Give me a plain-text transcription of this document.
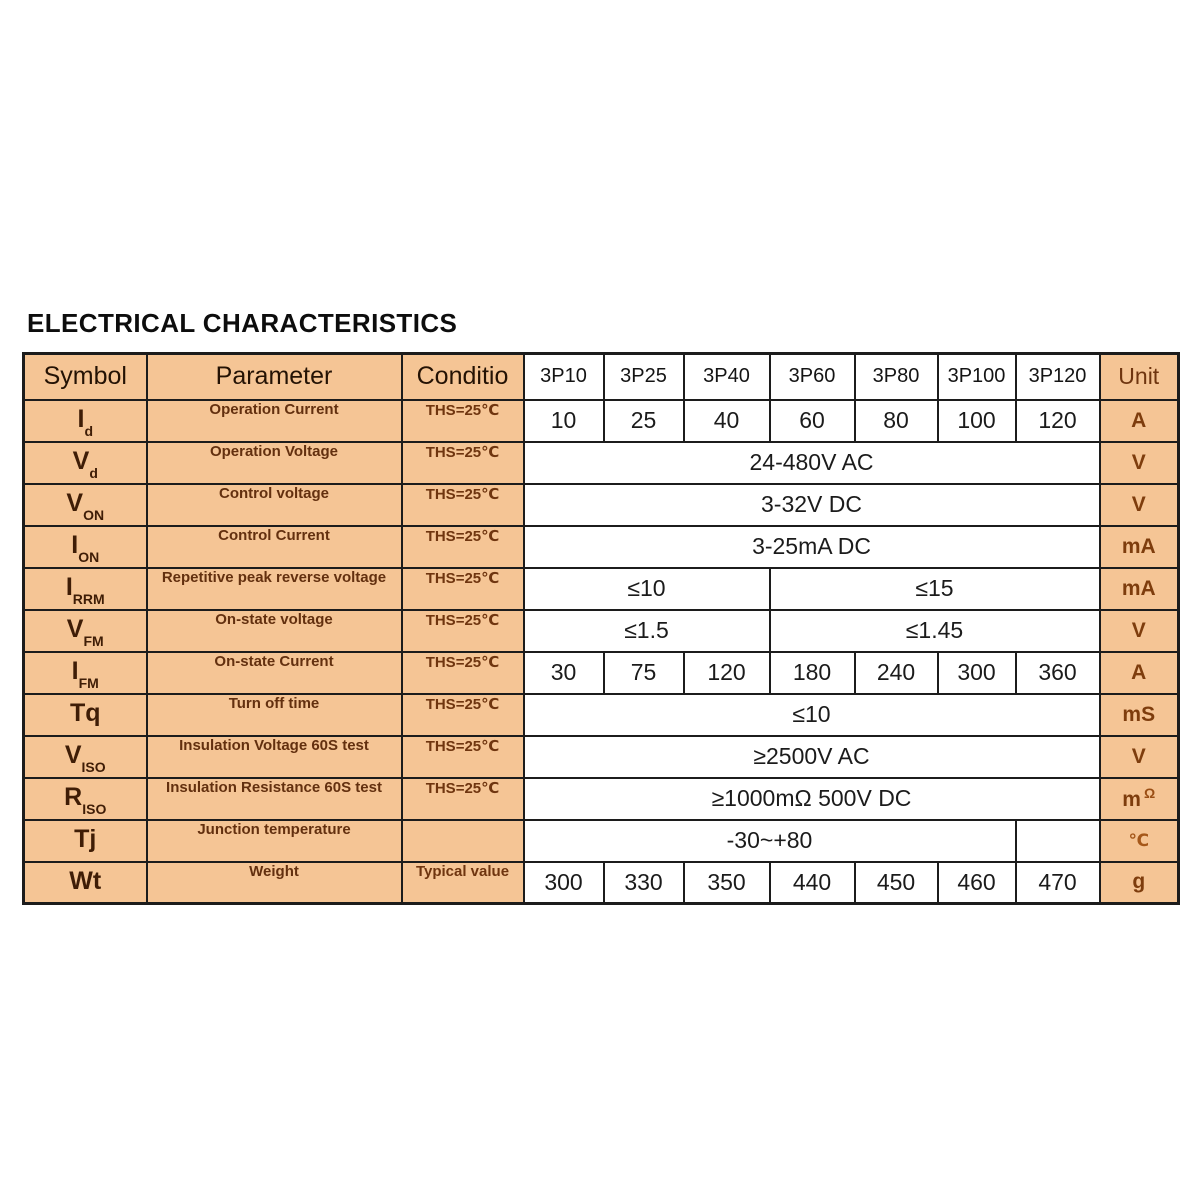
ELECTRICAL CHARACTERISTICS
Symbol	Parameter	Conditio	3P10	3P25	3P40	3P60	3P80	3P100	3P120	Unit
$I_d$	Operation Current	THS=25℃	10	25	40	60	80	100	120	A
$V_d$	Operation Voltage	THS=25℃	24-480V AC							V
$V_{ON}$	Control voltage	THS=25℃	3-32V DC							V
$I_{ON}$	Control Current	THS=25℃	3-25mA DC							mA
$I_{RRM}$	Repetitive peak reverse voltage	THS=25℃	≤10			≤15				mA
$V_{FM}$	On-state voltage	THS=25℃	≤1.5			≤1.45				V
$I_{FM}$	On-state Current	THS=25℃	30	75	120	180	240	300	360	A
Tq	Turn off time	THS=25℃	≤10							mS
$V_{ISO}$	Insulation Voltage 60S test	THS=25℃	≥2500V AC							V
$R_{ISO}$	Insulation Resistance 60S test	THS=25℃	≥1000mΩ 500V DC							m $^\Omega$
Tj	Junction temperature		-30~+80							℃
Wt	Weight	Typical value	300	330	350	440	450	460	470	g
